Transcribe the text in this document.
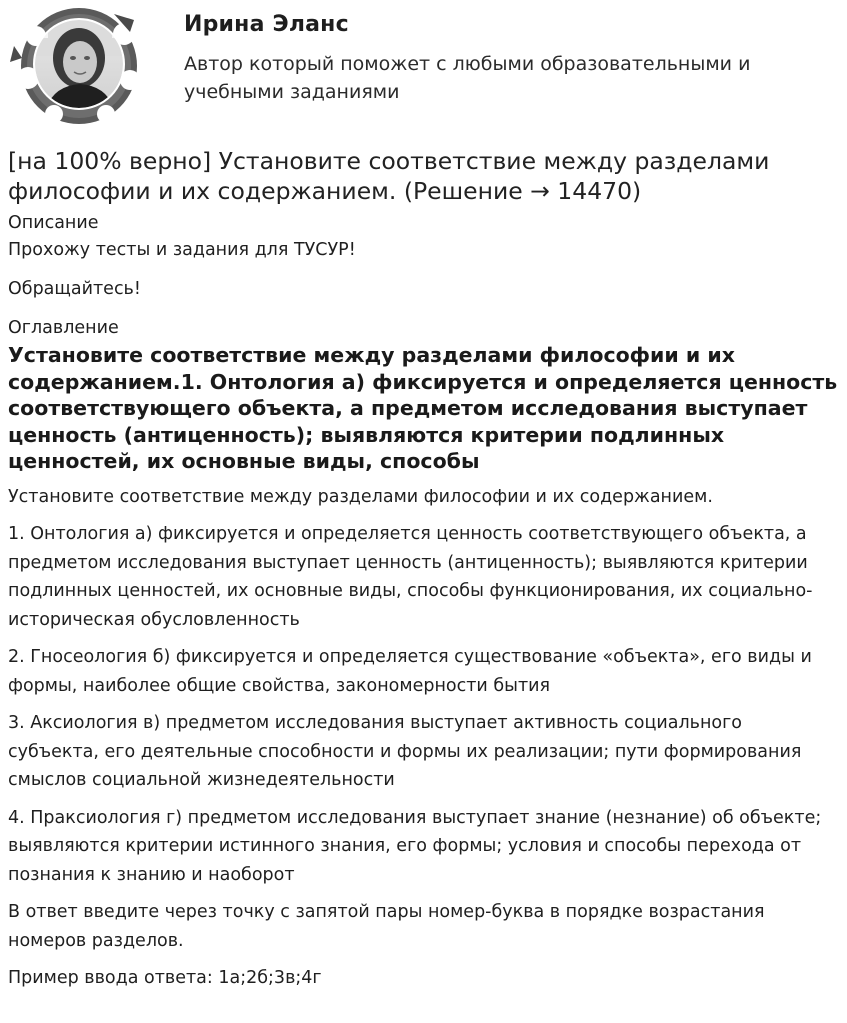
Ирина Эланс
Автор который поможет с любыми образовательными и учебными заданиями
[на 100% верно] Установите соответствие между разделами философии и их содержанием. (Решение → 14470)
Описание
Прохожу тесты и задания для ТУСУР!
Обращайтесь!
Оглавление
Установите соответствие между разделами философии и их содержанием.1. Онтология а) фиксируется и определяется ценность соответствующего объекта, а предметом исследования выступает ценность (антиценность); выявляются критерии подлинных ценностей, их основные виды, способы

Установите соответствие между разделами философии и их содержанием.

1. Онтология а) фиксируется и определяется ценность соответствующего объекта, а предметом исследования выступает ценность (антиценность); выявляются критерии подлинных ценностей, их основные виды, способы функционирования, их социально-историческая обусловленность

2. Гносеология б) фиксируется и определяется существование «объекта», его виды и формы, наиболее общие свойства, закономерности бытия

3. Аксиология в) предметом исследования выступает активность социального субъекта, его деятельные способности и формы их реализации; пути формирования смыслов социальной жизнедеятельности

4. Праксиология г) предметом исследования выступает знание (незнание) об объекте; выявляются критерии истинного знания, его формы; условия и способы перехода от познания к знанию и наоборот

В ответ введите через точку с запятой пары номер-буква в порядке возрастания номеров разделов.

Пример ввода ответа: 1а;2б;3в;4г
